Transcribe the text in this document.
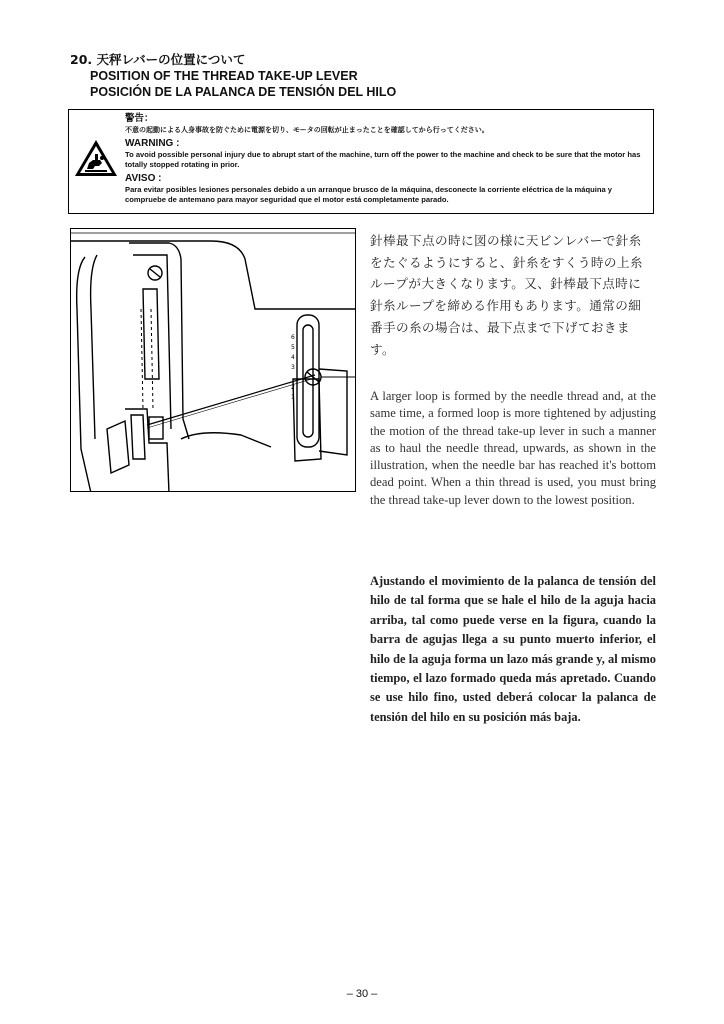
20. 天秤レバーの位置について
POSITION OF THE THREAD TAKE-UP LEVER
POSICIÓN DE LA PALANCA DE TENSIÓN DEL HILO
警告：
不意の起動による人身事故を防ぐために電源を切り、モータの回転が止まったことを確認してから行ってください。
WARNING :
To avoid possible personal injury due to abrupt start of the machine, turn off the power to the machine and check to be sure that the motor has totally stopped rotating in prior.
AVISO :
Para evitar posibles lesiones personales debido a un arranque brusco de la máquina, desconecte la corriente eléctrica de la máquina y compruebe de antemano para mayor seguridad que el motor está completamente parado.
6
5
4
3
2
1
針棒最下点の時に図の様に天ビンレバーで針糸をたぐるようにすると、針糸をすくう時の上糸ループが大きくなります。又、針棒最下点時に針糸ループを締める作用もあります。通常の細番手の糸の場合は、最下点まで下げておきます。
A larger loop is formed by the needle thread and, at the same time, a formed loop is more tightened by adjusting the motion of the thread take-up lever in such a manner as to haul the needle thread, upwards, as shown in the illustration, when the needle bar has reached it's bottom dead point. When a thin thread is used, you must bring the thread take-up lever down to the lowest position.
Ajustando el movimiento de la palanca de tensión del hilo de tal forma que se hale el hilo de la aguja hacia arriba, tal como puede verse en la figura, cuando la barra de agujas llega a su punto muerto inferior, el hilo de la aguja forma un lazo más grande y, al mismo tiempo, el lazo formado queda más apretado. Cuando se use hilo fino, usted deberá colocar la palanca de tensión del hilo en su posición más baja.
– 30 –
